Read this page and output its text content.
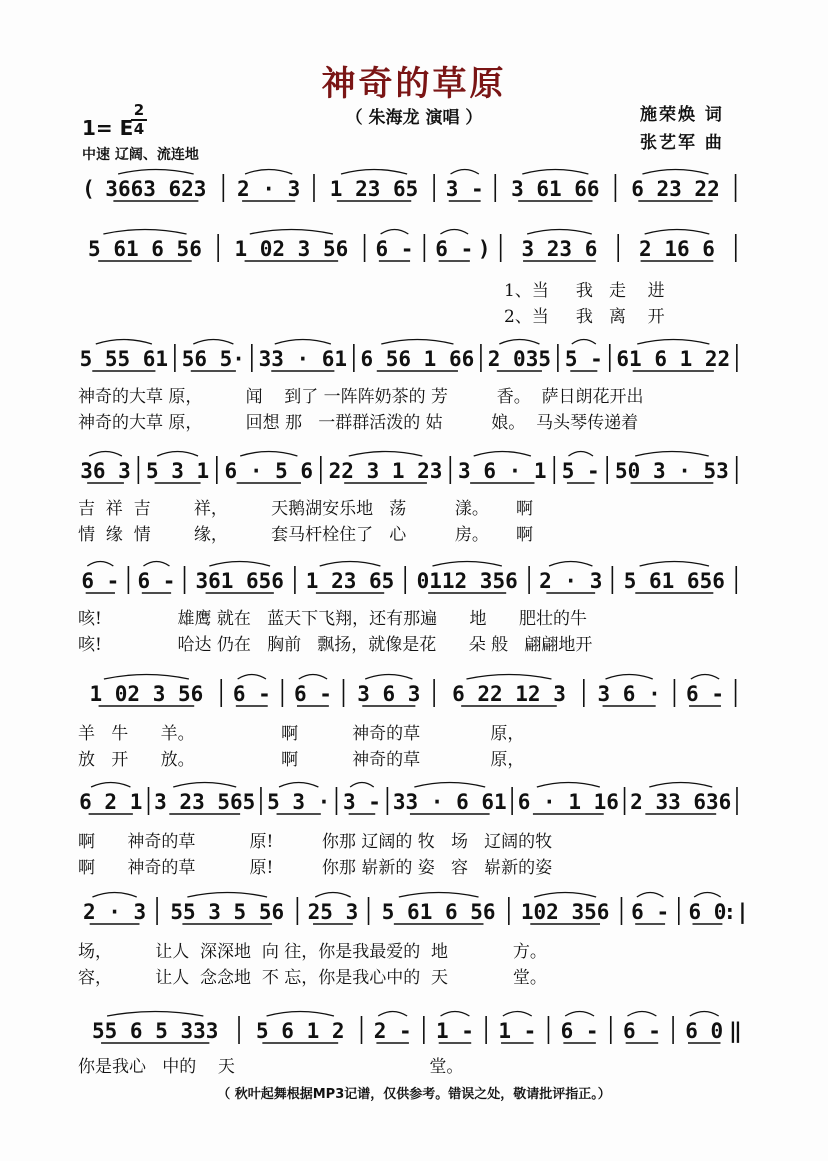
神奇的草原
（ 朱海龙 演唱 ）
1= E
2
4
中速 辽阔、流连地
施荣焕 词
张艺军 曲
( 3663 623 2 · 3 1 23 65 3 - 3 61 66 6 23 22
5 61 6 56 1 02 3 56 6 - 6 - ) 3 23 6 2 16 6
5 55 61 56 5· 33 · 61 6 56 1 66 2 035 5 - 61 6 1 22
36 3 5 3 1 6 · 5 6 22 3 1 23 3 6 · 1 5 - 50 3 · 53
6 - 6 - 361 656 1 23 65 0112 356 2 · 3 5 61 656
1 02 3 56 6 - 6 - 3 6 3 6 22 12 3 3 6 · 6 -
6 2 1 3 23 565 5 3 · 3 - 33 · 6 61 6 · 1 16 2 33 636
2 · 3 55 3 5 56 25 3 5 61 6 56 102 356 6 - 6 0
:|
55 6 5 333 5 6 1 2 2 - 1 - 1 - 6 - 6 - 6 0 ‖
1、当     我   走    进
2、当     我   离    开
神奇的大草 原，        闻    到了 一阵阵奶茶的 芳         香。  萨日朗花开出
神奇的大草 原，        回想 那   一群群活泼的 姑         娘。  马头琴传递着
吉  祥  吉        祥，        天鹅湖安乐地   荡         漾。     啊
情  缘  情        缘，        套马杆栓住了   心         房。     啊
咳!              雄鹰 就在   蓝天下飞翔，还有那遍      地      肥壮的牛
咳!              哈达 仍在   胸前   飘扬，就像是花      朵 般   翩翩地开
羊   牛      羊。                啊          神奇的草             原，
放   开      放。                啊          神奇的草             原，
啊      神奇的草          原!         你那 辽阔的 牧   场   辽阔的牧
啊      神奇的草          原!         你那 崭新的 姿   容   崭新的姿
场，        让人  深深地  向 往，你是我最爱的  地            方。
容，        让人  念念地  不 忘，你是我心中的  天            堂。
你是我心   中的    天                                    堂。
（ 秋叶起舞根据MP3记谱，仅供参考。错误之处，敬请批评指正。）
